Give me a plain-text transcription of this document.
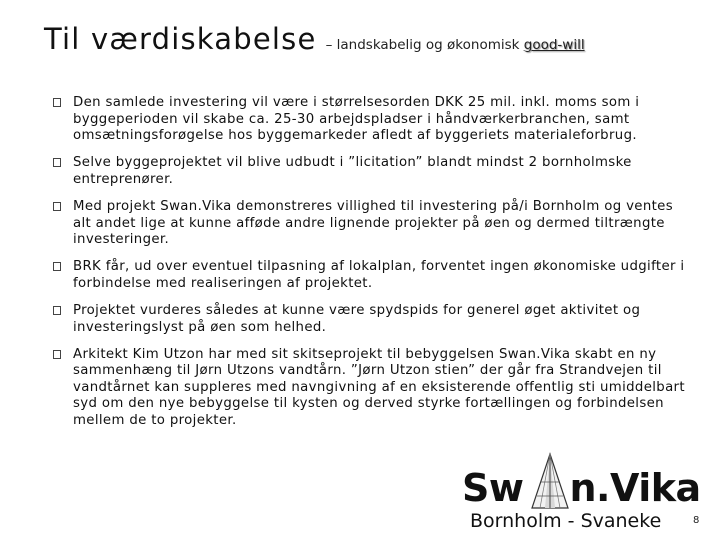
Til værdiskabelse – landskabelig og økonomisk good-will
Den samlede investering vil være i størrelsesorden DKK 25 mil. inkl. moms som i byggeperioden vil skabe ca. 25-30 arbejdspladser i håndværkerbranchen, samt omsætningsforøgelse hos byggemarkeder afledt af byggeriets materialeforbrug.
Selve byggeprojektet vil blive udbudt i ”licitation” blandt mindst 2 bornholmske entreprenører.
Med projekt Swan.Vika demonstreres villighed til investering på/i Bornholm og ventes alt andet lige at kunne afføde andre lignende projekter på øen og dermed tiltrængte investeringer.
BRK får, ud over eventuel tilpasning af lokalplan, forventet ingen økonomiske udgifter i forbindelse med realiseringen af projektet.
Projektet vurderes således at kunne være spydspids for generel øget aktivitet og investeringslyst på øen som helhed.
Arkitekt Kim Utzon har med sit skitseprojekt til bebyggelsen Swan.Vika skabt en ny sammenhæng til Jørn Utzons vandtårn. ”Jørn Utzon stien” der går fra Strandvejen til vandtårnet kan suppleres med navngivning af en eksisterende offentlig sti umiddelbart syd om den nye bebyggelse til kysten og derved styrke fortællingen og forbindelsen mellem de to projekter.
Sw n.Vika
Bornholm - Svaneke	8
